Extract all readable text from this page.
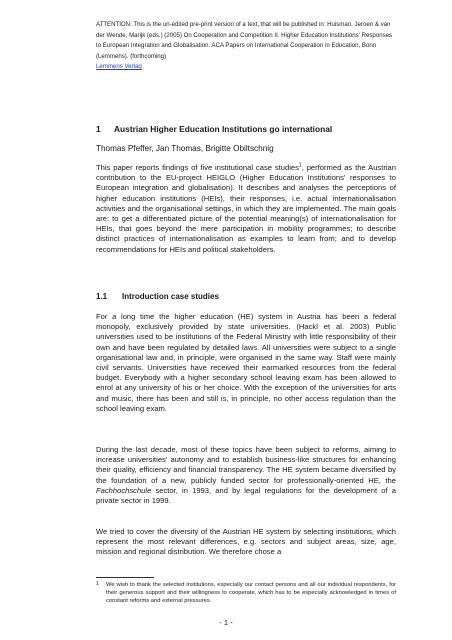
ATTENTION: This is the un-edited pre-print version of a text, that will be published in: Huisman, Jeroen & van der Wende, Marijk (eds.) (2005) On Cooperation and Competition II. Higher Education Institutions' Responses to European Integration and Globalisation. ACA Papers on International Cooperation in Education, Bonn (Lemmens). (forthcoming)
Lemmens Verlag
1 Austrian Higher Education Institutions go international
Thomas Pfeffer, Jan Thomas, Brigitte Obiltschnig
This paper reports findings of five institutional case studies$^1$, performed as the Austrian contribution to the EU-project HEIGLO (Higher Education Institutions' responses to European integration and globalisation). It describes and analyses the perceptions of higher education institutions (HEIs), their responses, i.e. actual internationalisation activities and the organisational settings, in which they are implemented. The main goals are: to get a differentiated picture of the potential meaning(s) of internationalisation for HEIs, that goes beyond the mere participation in mobility programmes; to describe distinct practices of internationalisation as examples to learn from; and to develop recommendations for HEIs and political stakeholders.
1.1 Introduction case studies
For a long time the higher education (HE) system in Austria has been a federal monopoly, exclusively provided by state universities. (Hackl et al. 2003) Public universities used to be institutions of the Federal Ministry with little responsibility of their own and have been regulated by detailed laws. All universities were subject to a single organisational law and, in principle, were organised in the same way. Staff were mainly civil servants. Universities have received their earmarked resources from the federal budget. Everybody with a higher secondary school leaving exam has been allowed to enrol at any university of his or her choice. With the exception of the universities for arts and music, there has been and still is, in principle, no other access regulation than the school leaving exam.
During the last decade, most of these topics have been subject to reforms, aiming to increase universities' autonomy and to establish business-like structures for enhancing their quality, efficiency and financial transparency. The HE system became diversified by the foundation of a new, publicly funded sector for professionally-oriented HE, the Fachhochschule sector, in 1993, and by legal regulations for the development of a private sector in 1999.
We tried to cover the diversity of the Austrian HE system by selecting institutions, which represent the most relevant differences, e.g. sectors and subject areas, size, age, mission and regional distribution. We therefore chose a
1 We wish to thank the selected institutions, especially our contact persons and all our individual respondents, for their generous support and their willingness to cooperate, which has to be especially acknowledged in times of constant reforms and external pressures.
- 1 -
